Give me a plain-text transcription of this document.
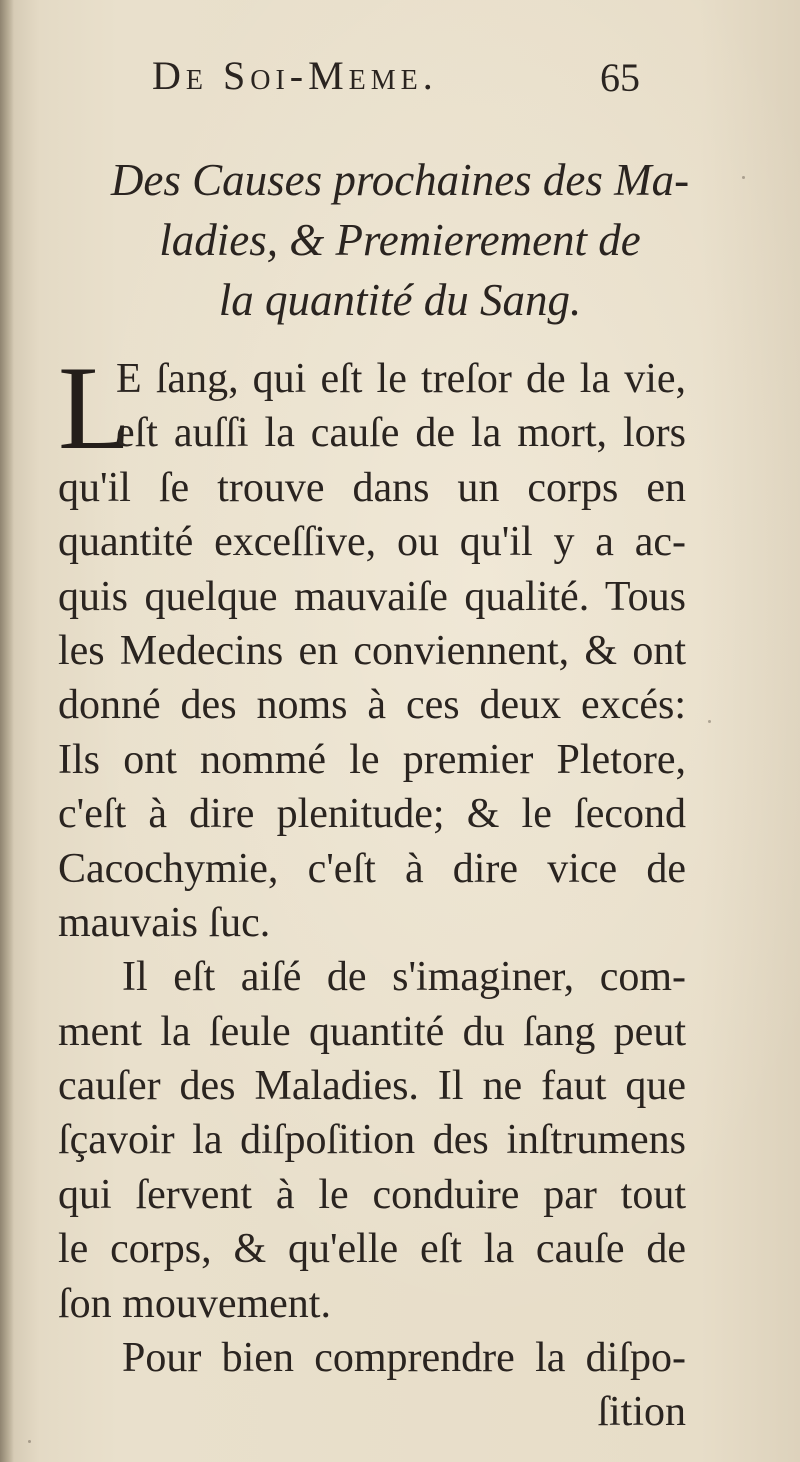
De Soi-Meme.	65
Des Causes prochaines des Ma-
ladies, & Premierement de
la quantité du Sang.
L
E ſang, qui eſt le treſor de la vie,
eſt auſſi la cauſe de la mort, lors
qu'il ſe trouve dans un corps en
quantité exceſſive, ou qu'il y a ac-
quis quelque mauvaiſe qualité. Tous
les Medecins en conviennent, & ont
donné des noms à ces deux excés:
Ils ont nommé le premier Pletore,
c'eſt à dire plenitude; & le ſecond
Cacochymie, c'eſt à dire vice de
mauvais ſuc.
Il eſt aiſé de s'imaginer, com-
ment la ſeule quantité du ſang peut
cauſer des Maladies. Il ne faut que
ſçavoir la diſpoſition des inſtrumens
qui ſervent à le conduire par tout
le corps, & qu'elle eſt la cauſe de
ſon mouvement.
Pour bien comprendre la diſpo-
ſition
